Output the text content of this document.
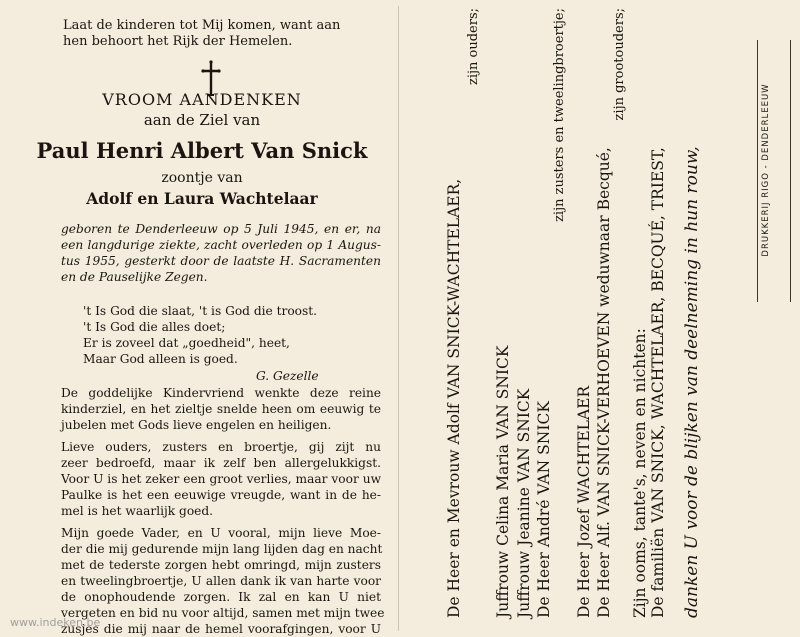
Laat de kinderen tot Mij komen, want aan
hen behoort het Rijk der Hemelen.
VROOM AANDENKEN
aan de Ziel van
Paul Henri Albert Van Snick
zoontje van
Adolf en Laura Wachtelaar
geboren te Denderleeuw op 5 Juli 1945, en er, na
een langdurige ziekte, zacht overleden op 1 Augus-
tus 1955, gesterkt door de laatste H. Sacramenten
en de Pauselijke Zegen.
't Is God die slaat, 't is God die troost.
't Is God die alles doet;
Er is zoveel dat „goedheid", heet,
Maar God alleen is goed.
G. Gezelle
De goddelijke Kindervriend wenkte deze reine
kinderziel, en het zieltje snelde heen om eeuwig te
jubelen met Gods lieve engelen en heiligen.
Lieve ouders, zusters en broertje, gij zijt nu
zeer bedroefd, maar ik zelf ben allergelukkigst.
Voor U is het zeker een groot verlies, maar voor uw
Paulke is het een eeuwige vreugde, want in de he-
mel is het waarlijk goed.
Mijn goede Vader, en U vooral, mijn lieve Moe-
der die mij gedurende mijn lang lijden dag en nacht
met de tederste zorgen hebt omringd, mijn zusters
en tweelingbroertje, U allen dank ik van harte voor
de onophoudende zorgen. Ik zal en kan U niet
vergeten en bid nu voor altijd, samen met mijn twee
zusjes die mij naar de hemel voorafgingen, voor U
De Heer en Mevrouw Adolf VAN SNICK-WACHTELAER,
zijn ouders;
Juffrouw Celina Maria VAN SNICK Juffrouw Jeanine VAN SNICK De Heer André VAN SNICK
zijn zusters en tweelingbroertje;
De Heer Jozef WACHTELAER De Heer Alf. VAN SNICK-VERHOEVEN weduwnaar Becqué,
zijn grootouders;
Zijn ooms, tante's, neven en nichten: De familiën VAN SNICK, WACHTELAER, BECQUÉ, TRIEST, danken U voor de blijken van deelneming in hun rouw,	DRUKKERIJ RIGO - DENDERLEEUW
www.indeken.be
